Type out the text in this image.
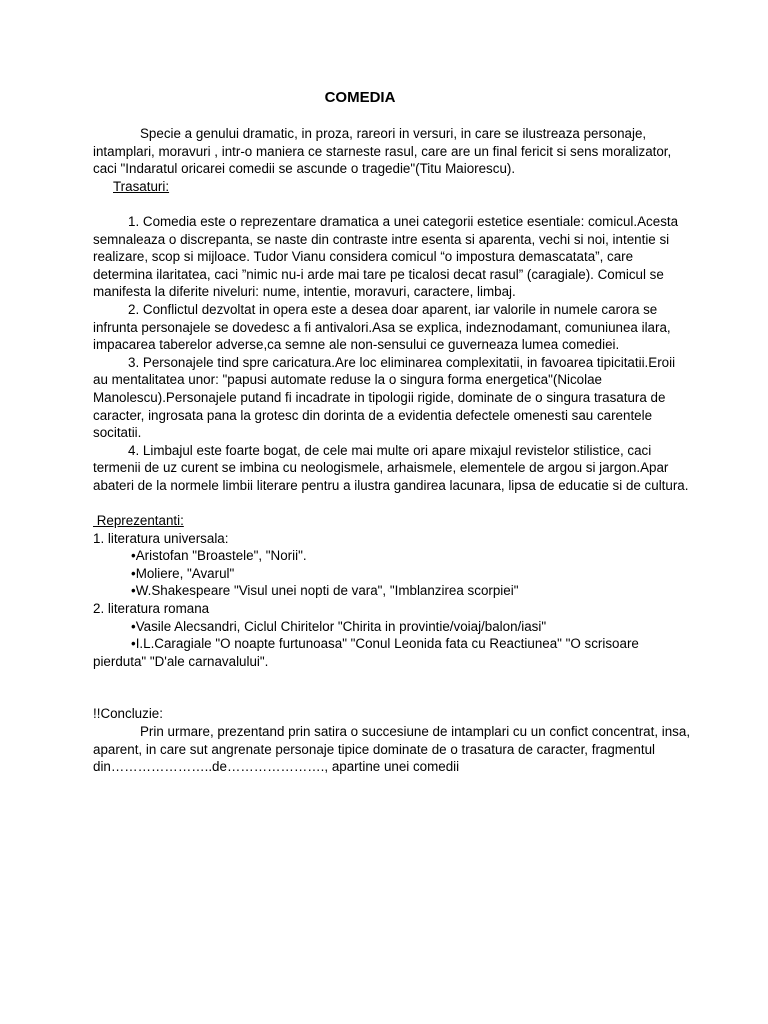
COMEDIA

Specie a genului dramatic, in proza, rareori in versuri, in care se ilustreaza personaje, intamplari, moravuri , intr-o maniera ce starneste rasul, care are un final fericit si sens moralizator, caci "Indaratul oricarei comedii se ascunde o tragedie"(Titu Maiorescu).

Trasaturi:

1. Comedia este o reprezentare dramatica a unei categorii estetice esentiale: comicul.Acesta semnaleaza o discrepanta, se naste din contraste intre esenta si aparenta, vechi si noi, intentie si realizare, scop si mijloace. Tudor Vianu considera comicul “o impostura demascatata”, care determina ilaritatea, caci ”nimic nu-i arde mai tare pe ticalosi decat rasul” (caragiale). Comicul se manifesta la diferite niveluri: nume, intentie, moravuri, caractere, limbaj.

2. Conflictul dezvoltat in opera este a desea doar aparent, iar valorile in numele carora se infrunta personajele se dovedesc a fi antivalori.Asa se explica, indeznodamant, comuniunea ilara, impacarea taberelor adverse,ca semne ale non-sensului ce guverneaza lumea comediei.

3. Personajele tind spre caricatura.Are loc eliminarea complexitatii, in favoarea tipicitatii.Eroii au mentalitatea unor: "papusi automate reduse la o singura forma energetica"(Nicolae Manolescu).Personajele putand fi incadrate in tipologii rigide, dominate de o singura trasatura de caracter, ingrosata pana la grotesc din dorinta de a evidentia defectele omenesti sau carentele socitatii.

4. Limbajul este foarte bogat, de cele mai multe ori apare mixajul revistelor stilistice, caci termenii de uz curent se imbina cu neologismele, arhaismele, elementele de argou si jargon.Apar abateri de la normele limbii literare pentru a ilustra gandirea lacunara, lipsa de educatie si de cultura.

Reprezentanti:

1. literatura universala:

•Aristofan "Broastele", "Norii".

•Moliere, "Avarul"

•W.Shakespeare "Visul unei nopti de vara", "Imblanzirea scorpiei"

2. literatura romana

•Vasile Alecsandri, Ciclul Chiritelor "Chirita in provintie/voiaj/balon/iasi"

•I.L.Caragiale "O noapte furtunoasa" "Conul Leonida fata cu Reactiunea" "O scrisoare pierduta" "D'ale carnavalului".

!!Concluzie:

Prin urmare, prezentand prin satira o succesiune de intamplari cu un confict concentrat, insa, aparent, in care sut angrenate personaje tipice dominate de o trasatura de caracter, fragmentul din…………………..de…………………., apartine unei comedii
